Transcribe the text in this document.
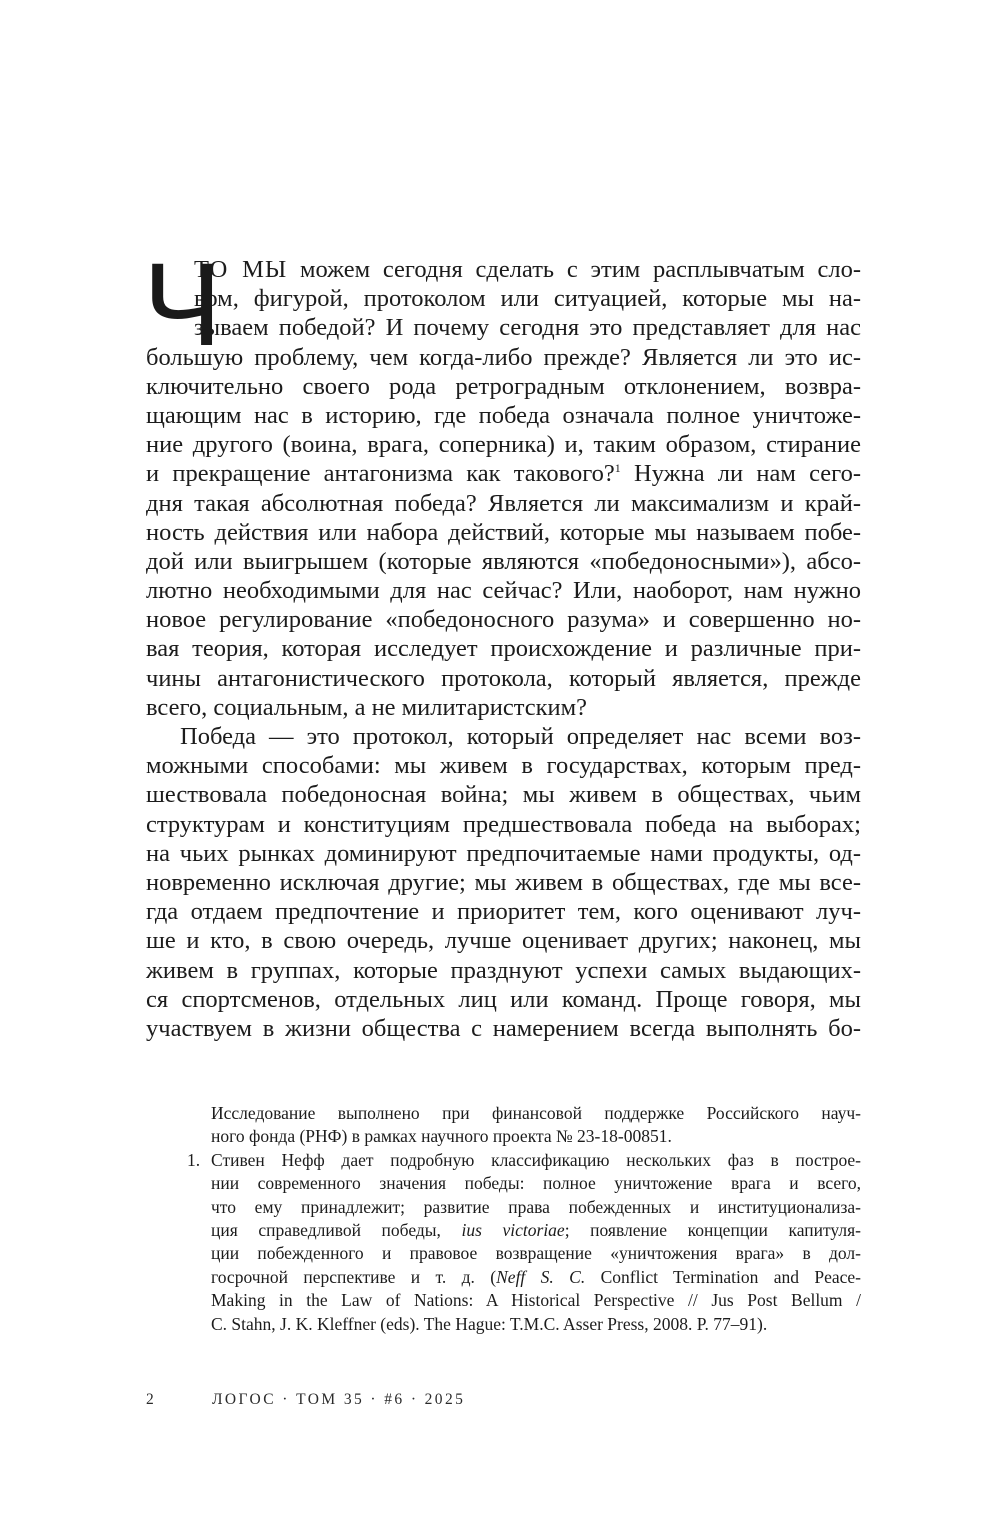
Ч
ТО МЫ можем сегодня сделать с этим расплывчатым сло-
вом, фигурой, протоколом или ситуацией, которые мы на-
зываем победой? И почему сегодня это представляет для нас
большую проблему, чем когда-либо прежде? Является ли это ис-
ключительно своего рода ретроградным отклонением, возвра-
щающим нас в историю, где победа означала полное уничтоже-
ние другого (воина, врага, соперника) и, таким образом, стирание
и прекращение антагонизма как такового?$^1$ Нужна ли нам сего-
дня такая абсолютная победа? Является ли максимализм и край-
ность действия или набора действий, которые мы называем побе-
дой или выигрышем (которые являются «победоносными»), абсо-
лютно необходимыми для нас сейчас? Или, наоборот, нам нужно
новое регулирование «победоносного разума» и совершенно но-
вая теория, которая исследует происхождение и различные при-
чины антагонистического протокола, который является, прежде
всего, социальным, а не милитаристским?
Победа — это протокол, который определяет нас всеми воз-
можными способами: мы живем в государствах, которым пред-
шествовала победоносная война; мы живем в обществах, чьим
структурам и конституциям предшествовала победа на выборах;
на чьих рынках доминируют предпочитаемые нами продукты, од-
новременно исключая другие; мы живем в обществах, где мы все-
гда отдаем предпочтение и приоритет тем, кого оценивают луч-
ше и кто, в свою очередь, лучше оценивает других; наконец, мы
живем в группах, которые празднуют успехи самых выдающих-
ся спортсменов, отдельных лиц или команд. Проще говоря, мы
участвуем в жизни общества с намерением всегда выполнять бо-
Исследование выполнено при финансовой поддержке Российского науч-
ного фонда (РНФ) в рамках научного проекта № 23-18-00851.
1. Стивен Нефф дает подробную классификацию нескольких фаз в построе-
нии современного значения победы: полное уничтожение врага и всего,
что ему принадлежит; развитие права побежденных и институционализа-
ция справедливой победы, ius victoriae; появление концепции капитуля-
ции побежденного и правовое возвращение «уничтожения врага» в дол-
госрочной перспективе и т. д. (Neff S. C. Conflict Termination and Peace-
Making in the Law of Nations: A Historical Perspective // Jus Post Bellum /
C. Stahn, J. K. Kleffner (eds). The Hague: T.M.C. Asser Press, 2008. P. 77–91).
2	ЛОГОС · ТОМ 35 · #6 · 2025
